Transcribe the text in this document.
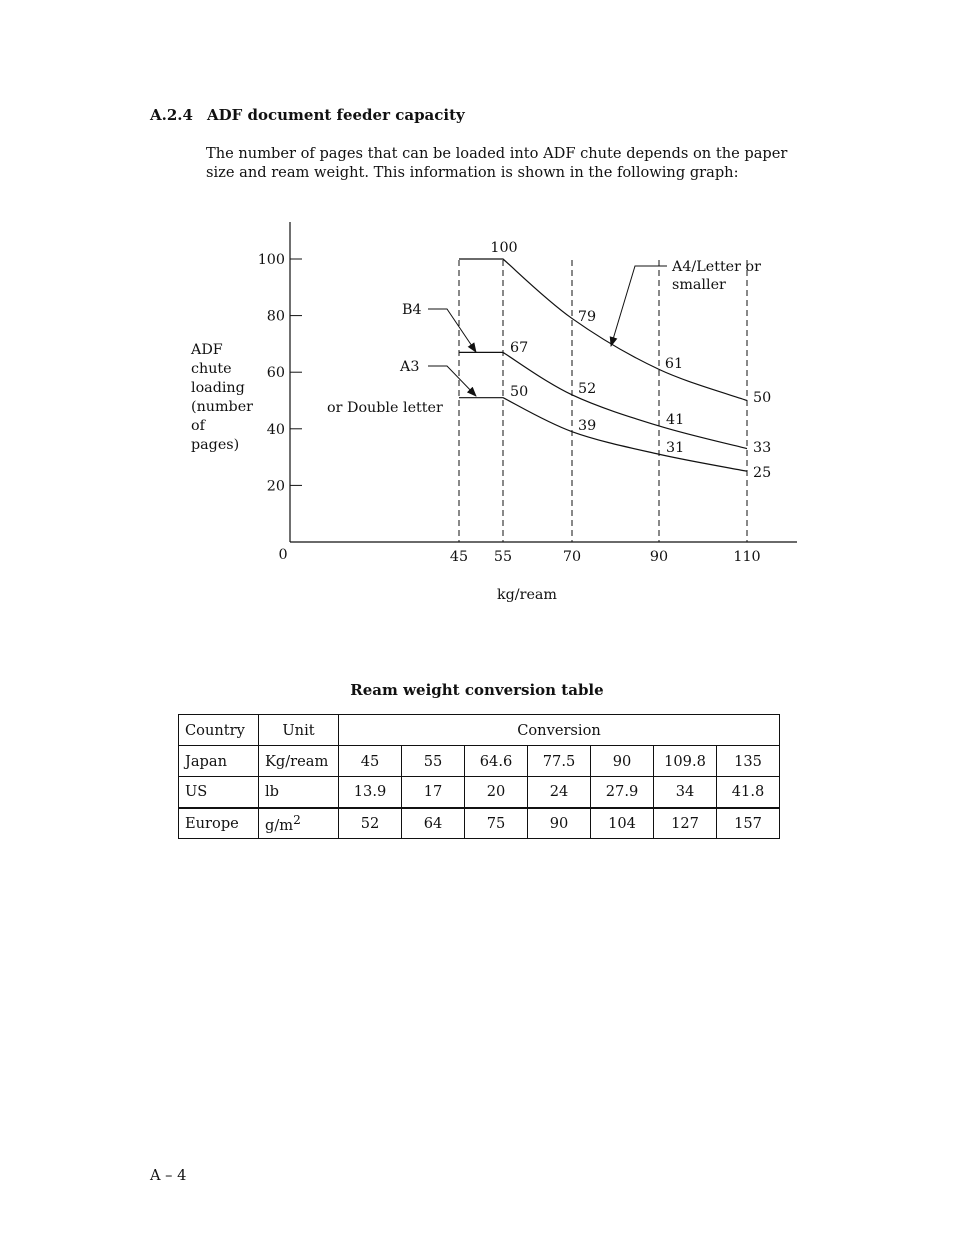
A.2.4 ADF document feeder capacity
The number of pages that can be loaded into ADF chute depends on the paper size and ream weight. This information is shown in the following graph:
20
40
60
80
100
0	45 55	70	90	110
kg/ream
ADF
chute
loading
(number
of
pages)
100
79
61
50
67
52
41
33
50
39
31
25
A4/Letter or
smaller
B4
A3
or Double letter
Ream weight conversion table
Country	Unit	Conversion						
Japan	Kg/ream	45	55	64.6	77.5	90	109.8	135
US	lb	13.9	17	20	24	27.9	34	41.8
Europe	$g/m^2$	52	64	75	90	104	127	157
A – 4
